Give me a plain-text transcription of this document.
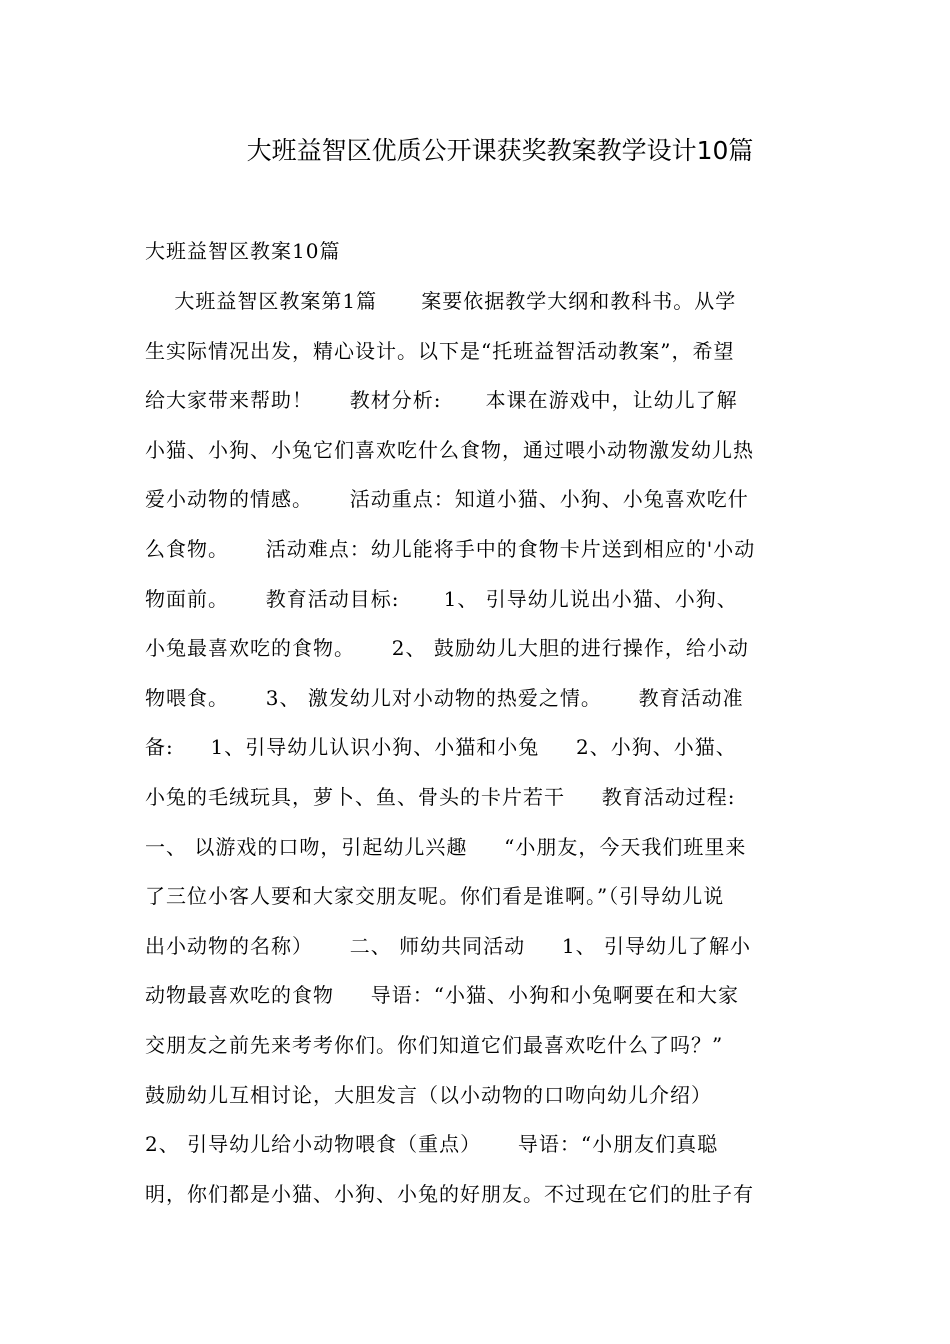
大班益智区优质公开课获奖教案教学设计10篇
大班益智区教案10篇
大班益智区教案第1篇      案要依据教学大纲和教科书。从学
生实际情况出发，精心设计。以下是“托班益智活动教案”，希望
给大家带来帮助！     教材分析:      本课在游戏中，让幼儿了解
小猫、小狗、小兔它们喜欢吃什么食物，通过喂小动物激发幼儿热
爱小动物的情感。     活动重点：知道小猫、小狗、小兔喜欢吃什
么食物。     活动难点：幼儿能将手中的食物卡片送到相应的'小动
物面前。     教育活动目标:      1、 引导幼儿说出小猫、小狗、
小兔最喜欢吃的食物。     2、 鼓励幼儿大胆的进行操作，给小动
物喂食。     3、 激发幼儿对小动物的热爱之情。     教育活动准
备:     1、引导幼儿认识小狗、小猫和小兔     2、小狗、小猫、
小兔的毛绒玩具，萝卜、鱼、骨头的卡片若干     教育活动过程:
一、 以游戏的口吻，引起幼儿兴趣     “小朋友，今天我们班里来
了三位小客人要和大家交朋友呢。你们看是谁啊。”（引导幼儿说
出小动物的名称）     二、 师幼共同活动     1、 引导幼儿了解小
动物最喜欢吃的食物     导语：“小猫、小狗和小兔啊要在和大家
交朋友之前先来考考你们。你们知道它们最喜欢吃什么了吗？”
鼓励幼儿互相讨论，大胆发言（以小动物的口吻向幼儿介绍）
2、 引导幼儿给小动物喂食（重点）     导语：“小朋友们真聪
明，你们都是小猫、小狗、小兔的好朋友。不过现在它们的肚子有
